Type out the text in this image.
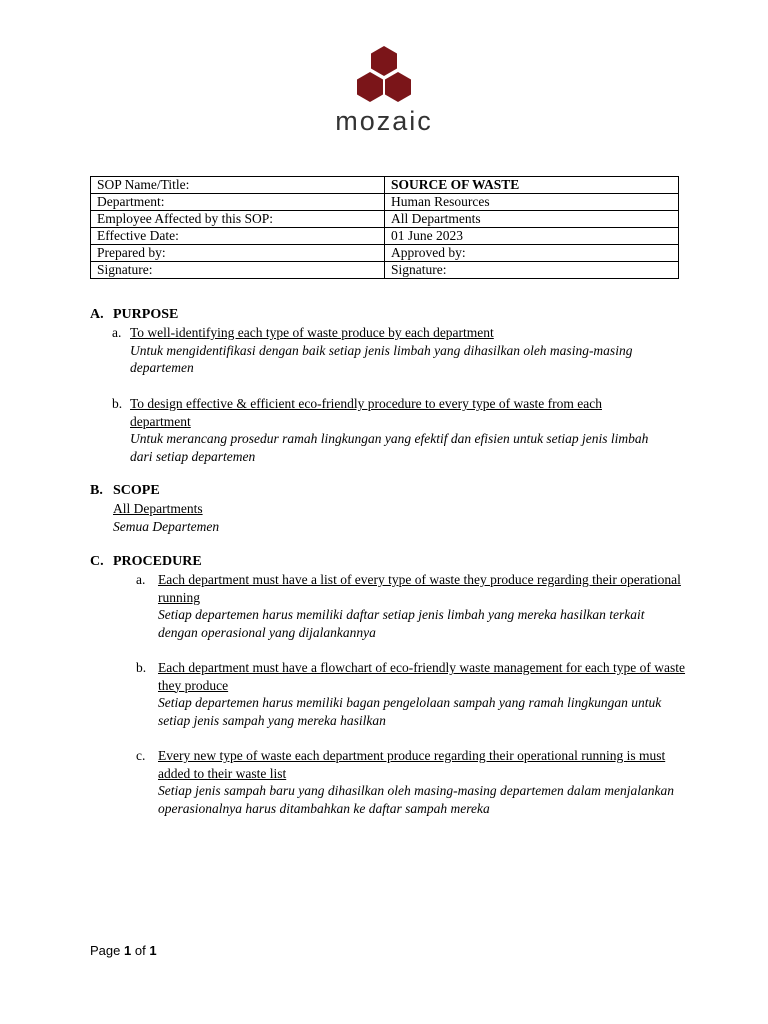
mozaic
SOP Name/Title:	SOURCE OF WASTE
Department:	Human Resources
Employee Affected by this SOP:	All Departments
Effective Date:	01 June 2023
Prepared by:	Approved by:
Signature:	Signature:
A. PURPOSE
a. To well-identifying each type of waste produce by each department
Untuk mengidentifikasi dengan baik setiap jenis limbah yang dihasilkan oleh masing-masing departemen
b. To design effective & efficient eco-friendly procedure to every type of waste from each department
Untuk merancang prosedur ramah lingkungan yang efektif dan efisien untuk setiap jenis limbah dari setiap departemen
B. SCOPE
All Departments
Semua Departemen
C. PROCEDURE
a. Each department must have a list of every type of waste they produce regarding their operational running
Setiap departemen harus memiliki daftar setiap jenis limbah yang mereka hasilkan terkait dengan operasional yang dijalankannya
b. Each department must have a flowchart of eco-friendly waste management for each type of waste they produce
Setiap departemen harus memiliki bagan pengelolaan sampah yang ramah lingkungan untuk setiap jenis sampah yang mereka hasilkan
c. Every new type of waste each department produce regarding their operational running is must added to their waste list
Setiap jenis sampah baru yang dihasilkan oleh masing-masing departemen dalam menjalankan operasionalnya harus ditambahkan ke daftar sampah mereka
Page 1 of 1
